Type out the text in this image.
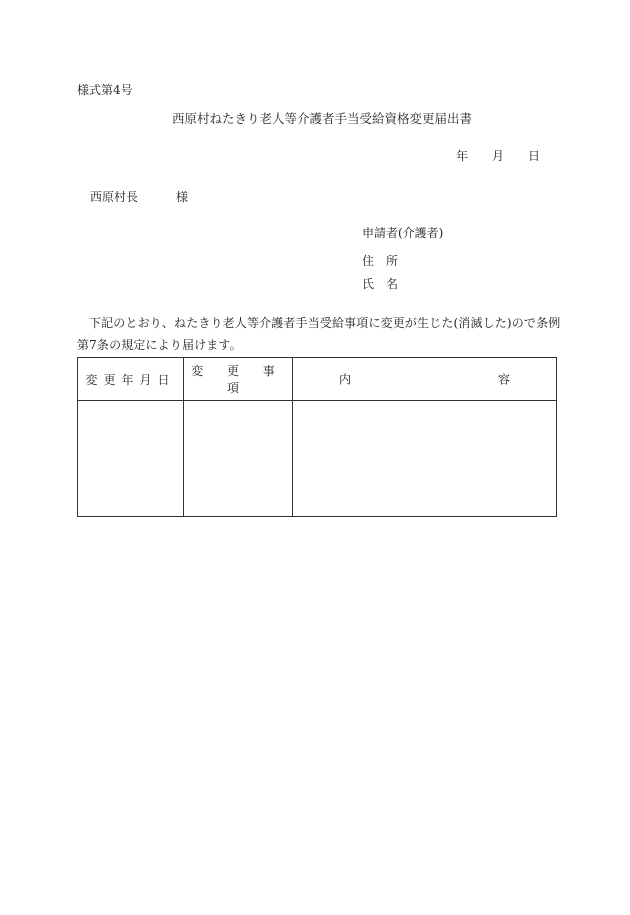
様式第4号
西原村ねたきり老人等介護者手当受給資格変更届出書
年 月 日
西原村長	様
申請者(介護者)
住　所
氏　名
下記のとおり、ねたきり老人等介護者手当受給事項に変更が生じた(消滅した)ので条例第7条の規定により届けます。
変更年月日	変 更 事 項	内 容
